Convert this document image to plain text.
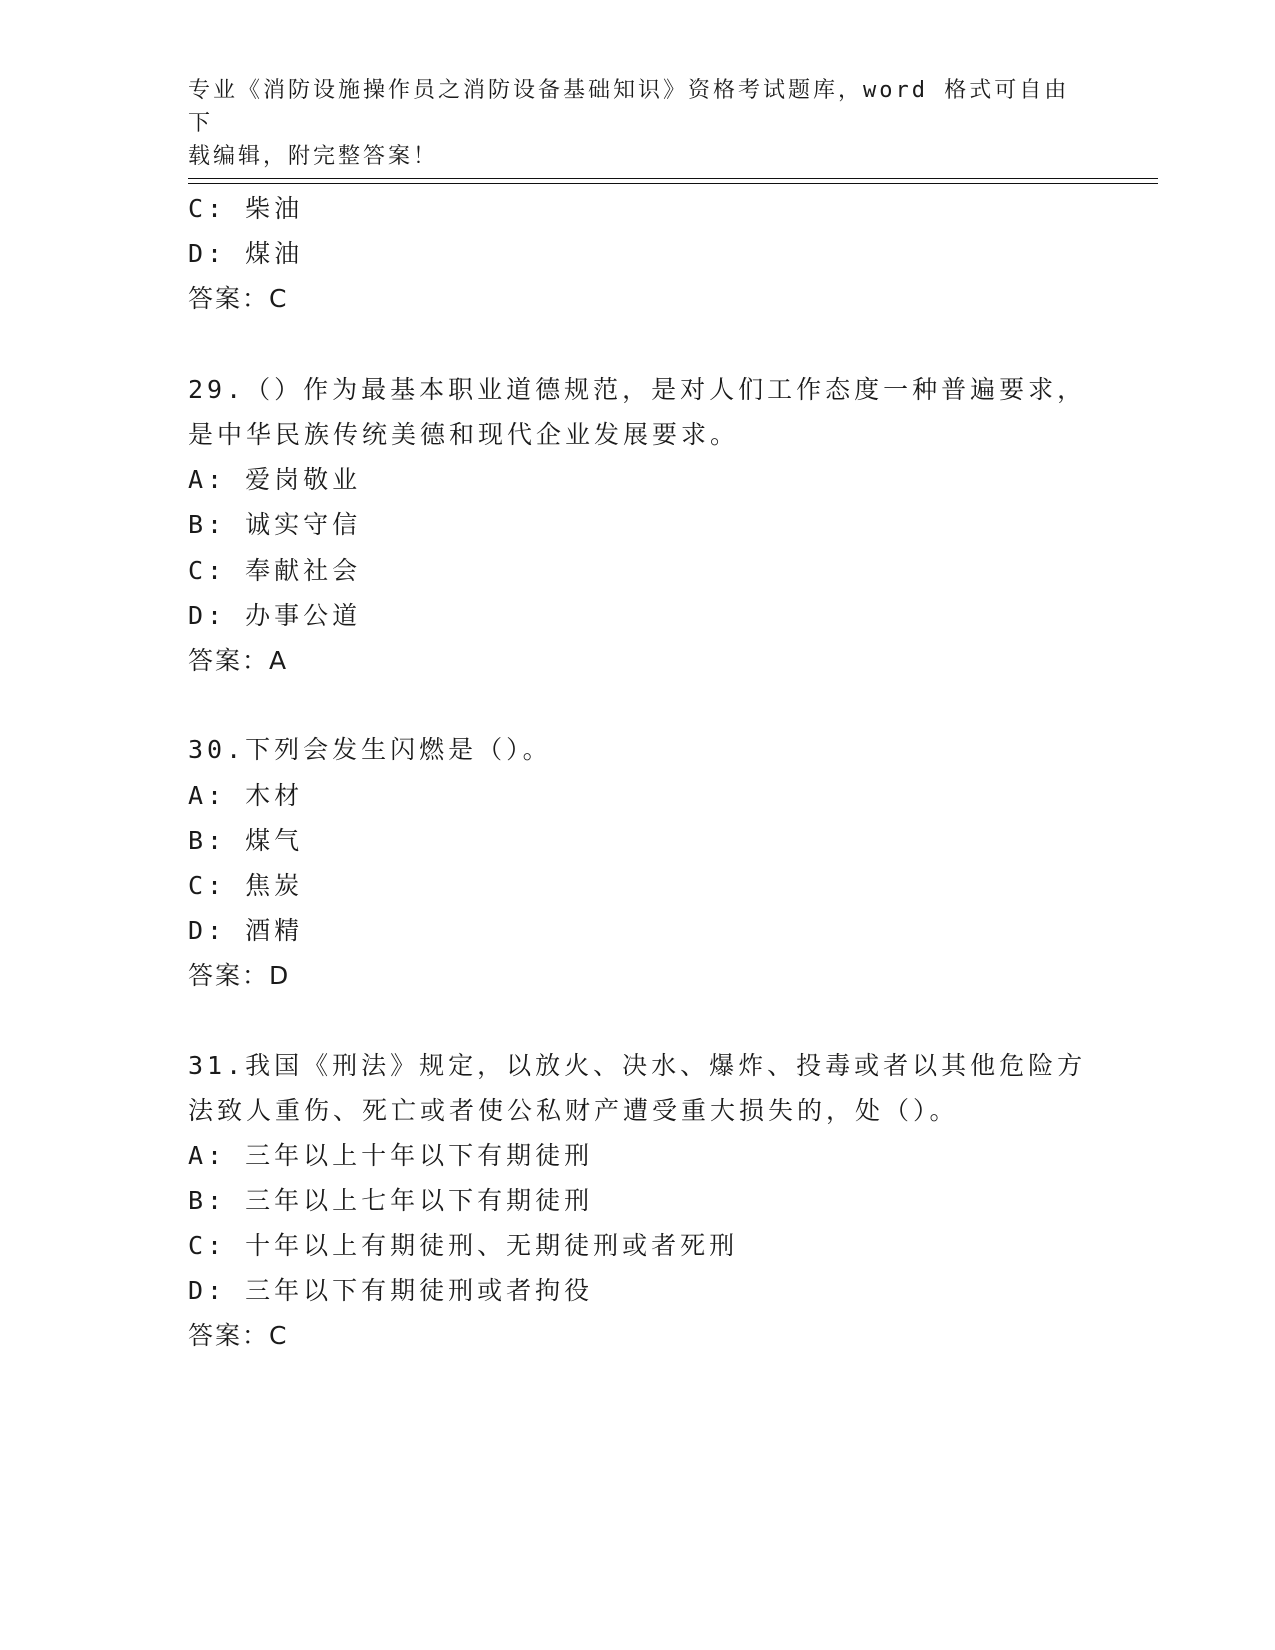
专业《消防设施操作员之消防设备基础知识》资格考试题库，word 格式可自由下
载编辑，附完整答案！
C: 柴油
D: 煤油
答案：C
29.（）作为最基本职业道德规范，是对人们工作态度一种普遍要求，
是中华民族传统美德和现代企业发展要求。
A: 爱岗敬业
B: 诚实守信
C: 奉献社会
D: 办事公道
答案：A
30.下列会发生闪燃是（）。
A: 木材
B: 煤气
C: 焦炭
D: 酒精
答案：D
31.我国《刑法》规定，以放火、决水、爆炸、投毒或者以其他危险方
法致人重伤、死亡或者使公私财产遭受重大损失的，处（）。
A: 三年以上十年以下有期徒刑
B: 三年以上七年以下有期徒刑
C: 十年以上有期徒刑、无期徒刑或者死刑
D: 三年以下有期徒刑或者拘役
答案：C
